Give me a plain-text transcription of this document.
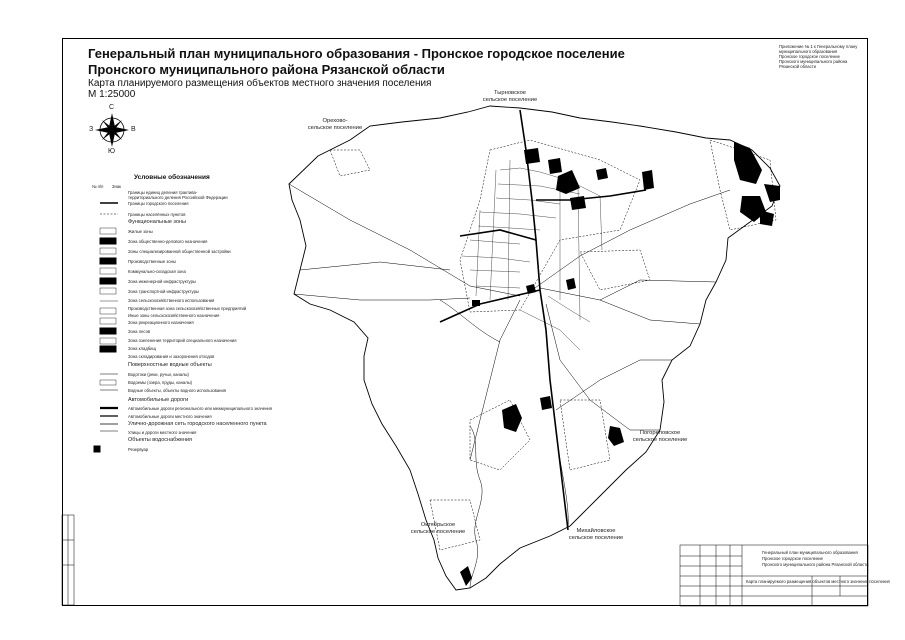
Генеральный план муниципального образования - Пронское городское поселение
Пронского муниципального района Рязанской области
Карта планируемого размещения объектов местного значения поселения
М 1:25000
Приложение № 1 к Генеральному плану
муниципального образования
Пронское городское поселение
Пронского муниципального района
Рязанской области
С
Ю
З	В
Орехово-
сельское поселение
Тырновское
сельское поселение
Погореловское
сельское поселение
Октябрьское
сельское поселение	Михайловское
сельское поселение
№ п/п Знак
Условные обозначения
Границы единиц деления трактива-
территориального деления Российской Федерации
Границы городского поселения
Границы населённых пунктов
Функциональные зоны
Жилые зоны
Зона общественно-делового назначения
Зоны специализированной общественной застройки
Производственные зоны
Коммунально-складская зона
Зона инженерной инфраструктуры
Зона транспортной инфраструктуры
Зона сельскохозяйственного использования
Производственная зона сельскохозяйственных предприятий
Иные зоны сельскохозяйственного назначения
Зона рекреационного назначения
Зона лесов
Зона озеленения территорий специального назначения
Зона кладбищ
Зона складирования и захоронения отходов
Поверхностные водные объекты
Водотоки (реки, ручьи, каналы)
Водоемы (озера, пруды, каналы)
Водные объекты, объекты водного использования
Автомобильные дороги
Автомобильные дороги регионального или межмуниципального значения
Автомобильные дороги местного значения
Улично-дорожная сеть городского населенного пункта
Улицы и дороги местного значения
Объекты водоснабжения
Резервуар
Генеральный план муниципального образования
Пронское городское поселение
Пронского муниципального района Рязанской области
Карта планируемого размещения объектов местного значения поселения
